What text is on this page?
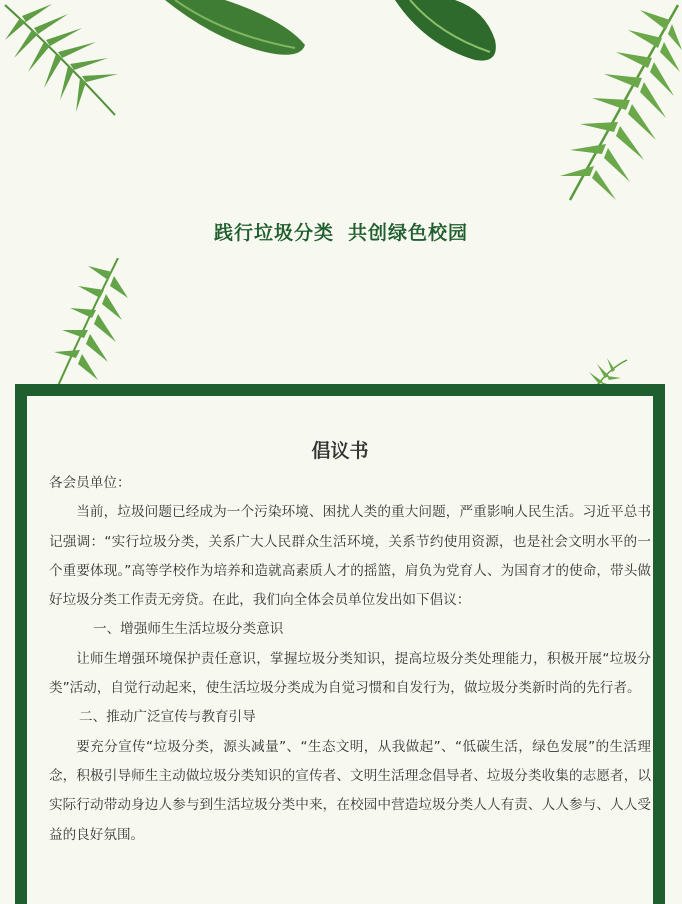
践行垃圾分类 共创绿色校园
倡议书

各会员单位：

当前，垃圾问题已经成为一个污染环境、困扰人类的重大问题，严重影响人民生活。习近平总书记强调：“实行垃圾分类，关系广大人民群众生活环境，关系节约使用资源，也是社会文明水平的一个重要体现。”高等学校作为培养和造就高素质人才的摇篮，肩负为党育人、为国育才的使命，带头做好垃圾分类工作责无旁贷。在此，我们向全体会员单位发出如下倡议：

一、增强师生生活垃圾分类意识

让师生增强环境保护责任意识，掌握垃圾分类知识，提高垃圾分类处理能力，积极开展“垃圾分类”活动，自觉行动起来，使生活垃圾分类成为自觉习惯和自发行为，做垃圾分类新时尚的先行者。

二、推动广泛宣传与教育引导

要充分宣传“垃圾分类，源头减量”、“生态文明，从我做起”、“低碳生活，绿色发展”的生活理念，积极引导师生主动做垃圾分类知识的宣传者、文明生活理念倡导者、垃圾分类收集的志愿者，以实际行动带动身边人参与到生活垃圾分类中来，在校园中营造垃圾分类人人有责、人人参与、人人受益的良好氛围。
